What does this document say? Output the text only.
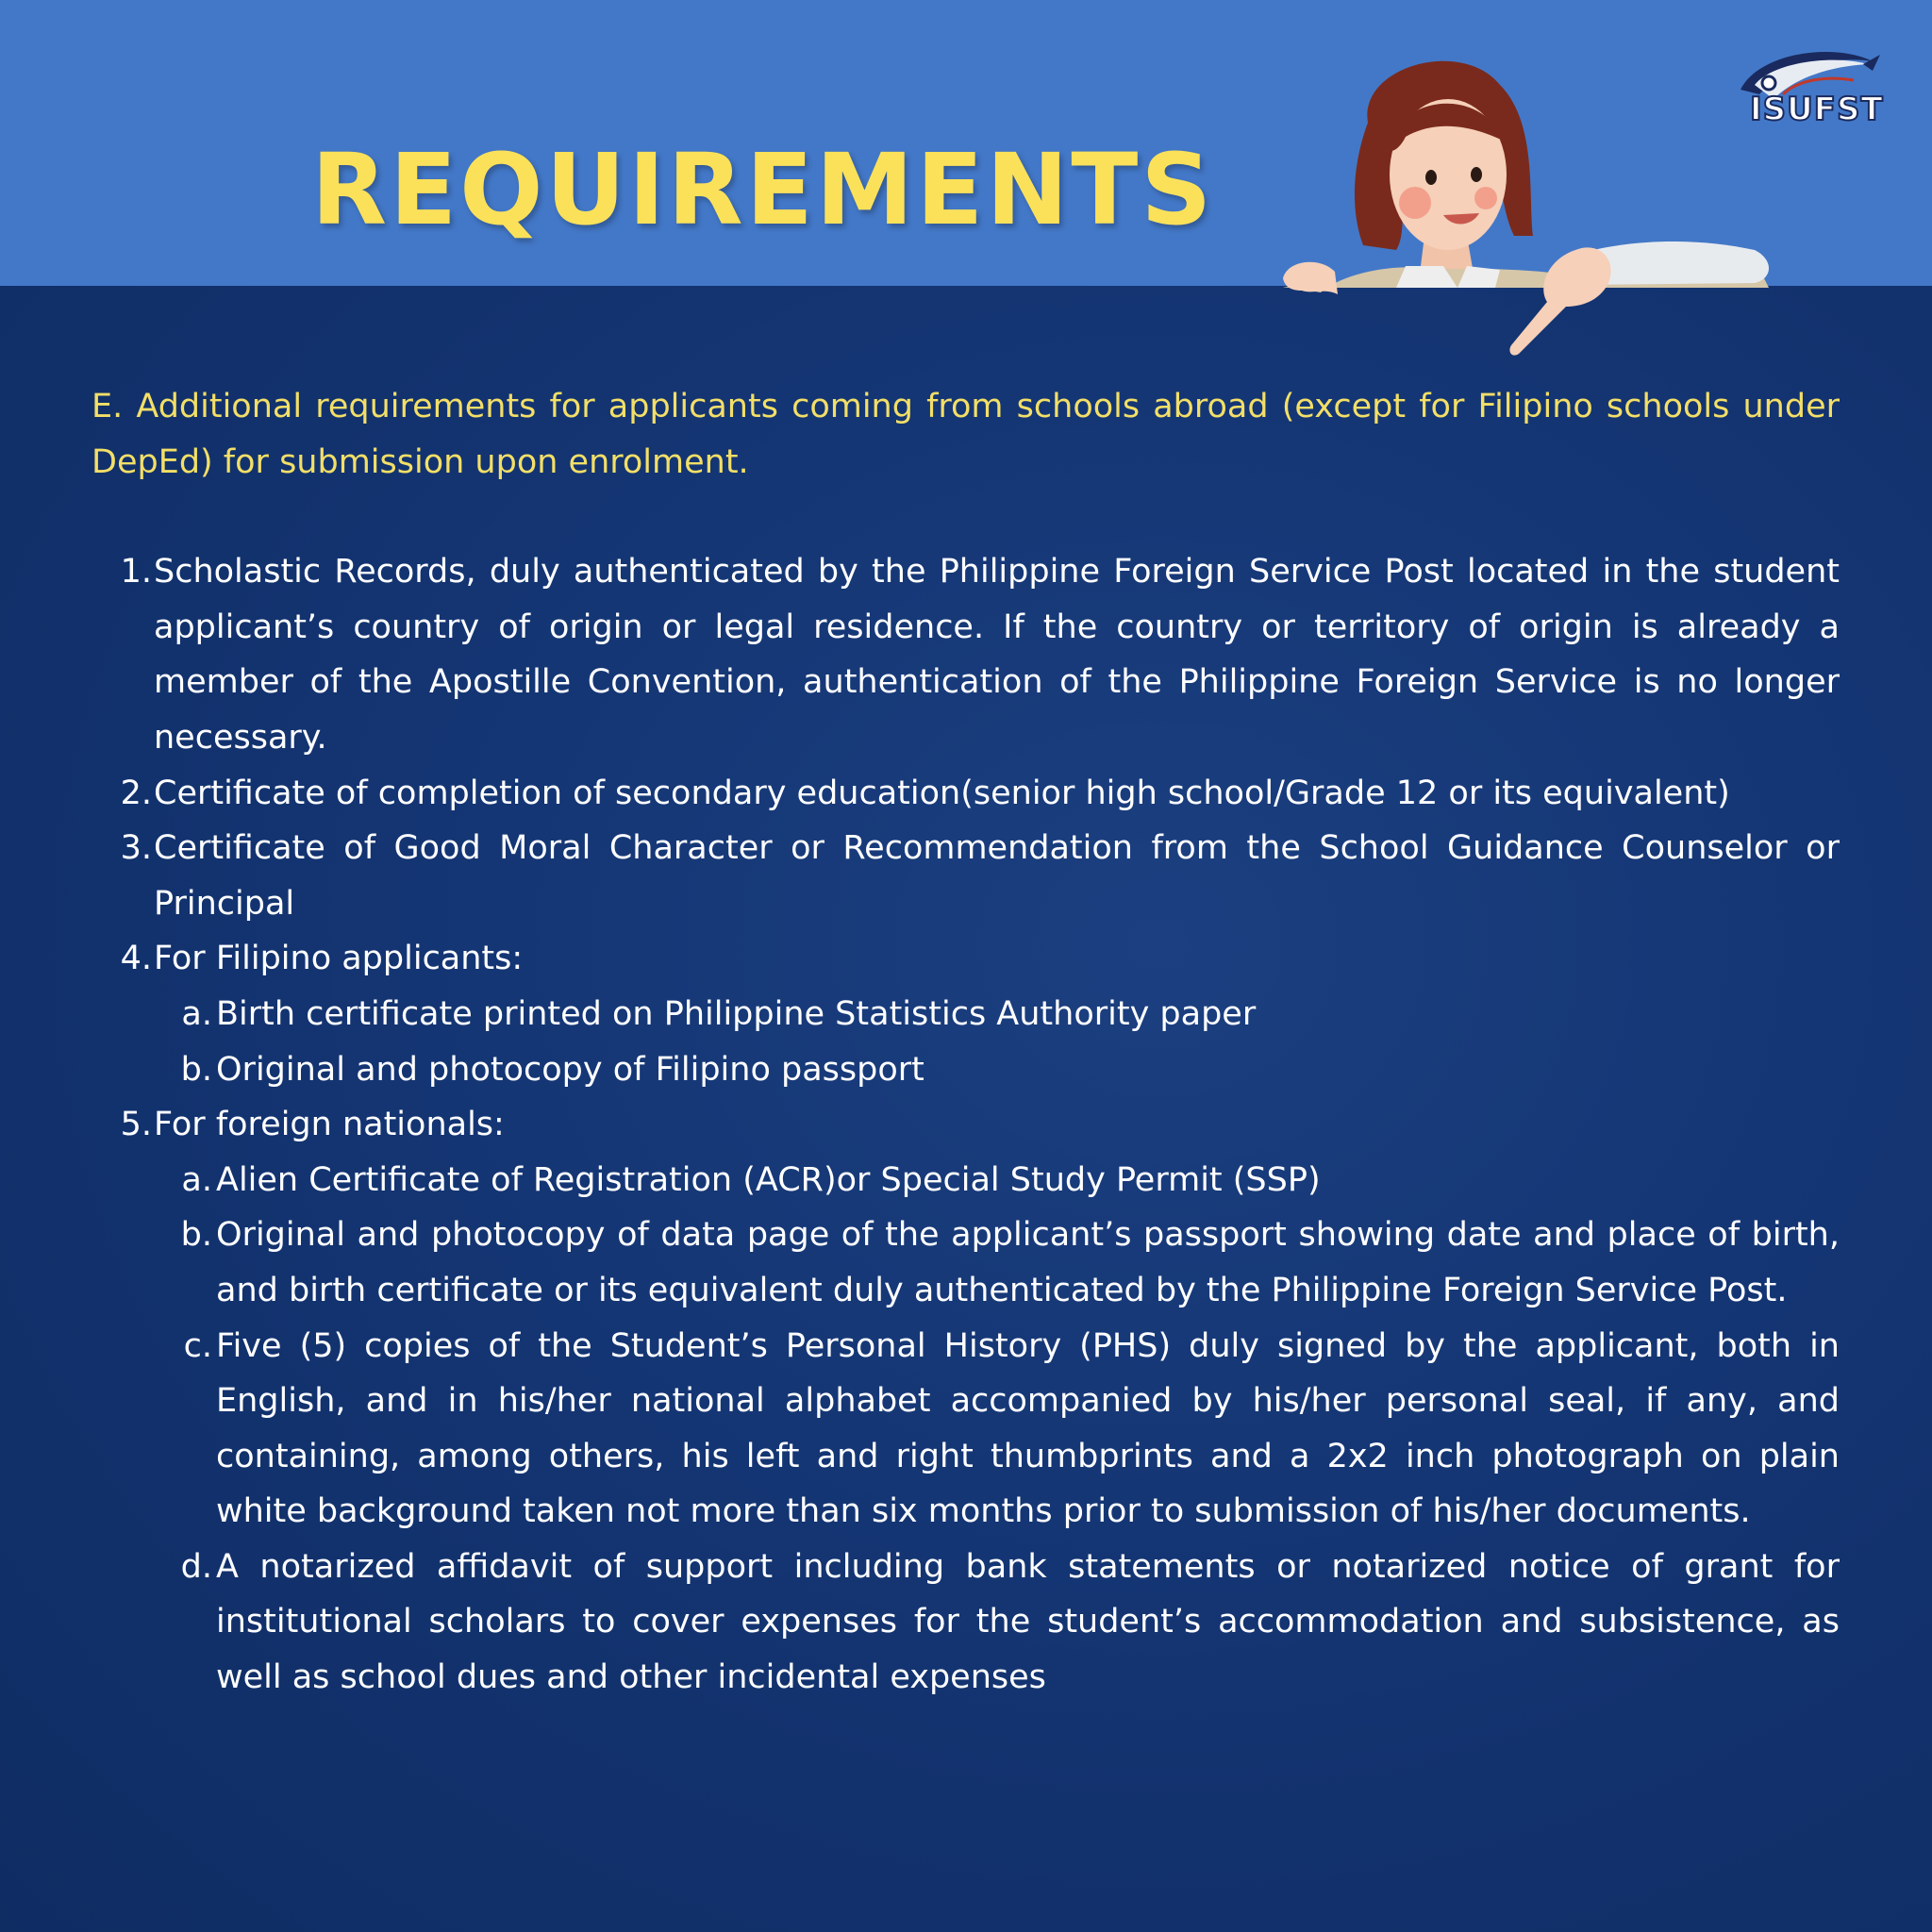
REQUIREMENTS
ISUFST

E. Additional requirements for applicants coming from schools abroad (except for Filipino schools under DepEd) for submission upon enrolment.

1. Scholastic Records, duly authenticated by the Philippine Foreign Service Post located in the student applicant’s country of origin or legal residence. If the country or territory of origin is already a member of the Apostille Convention, authentication of the Philippine Foreign Service is no longer necessary.
2. Certificate of completion of secondary education(senior high school/Grade 12 or its equivalent)
3. Certificate of Good Moral Character or Recommendation from the School Guidance Counselor or Principal
4. For Filipino applicants:
a. Birth certificate printed on Philippine Statistics Authority paper
b. Original and photocopy of Filipino passport
5. For foreign nationals:
a. Alien Certificate of Registration (ACR)or Special Study Permit (SSP)
b. Original and photocopy of data page of the applicant’s passport showing date and place of birth, and birth certificate or its equivalent duly authenticated by the Philippine Foreign Service Post.
c. Five (5) copies of the Student’s Personal History (PHS) duly signed by the applicant, both in English, and in his/her national alphabet accompanied by his/her personal seal, if any, and containing, among others, his left and right thumbprints and a 2x2 inch photograph on plain white background taken not more than six months prior to submission of his/her documents.
d. A notarized affidavit of support including bank statements or notarized notice of grant for institutional scholars to cover expenses for the student’s accommodation and subsistence, as well as school dues and other incidental expenses
